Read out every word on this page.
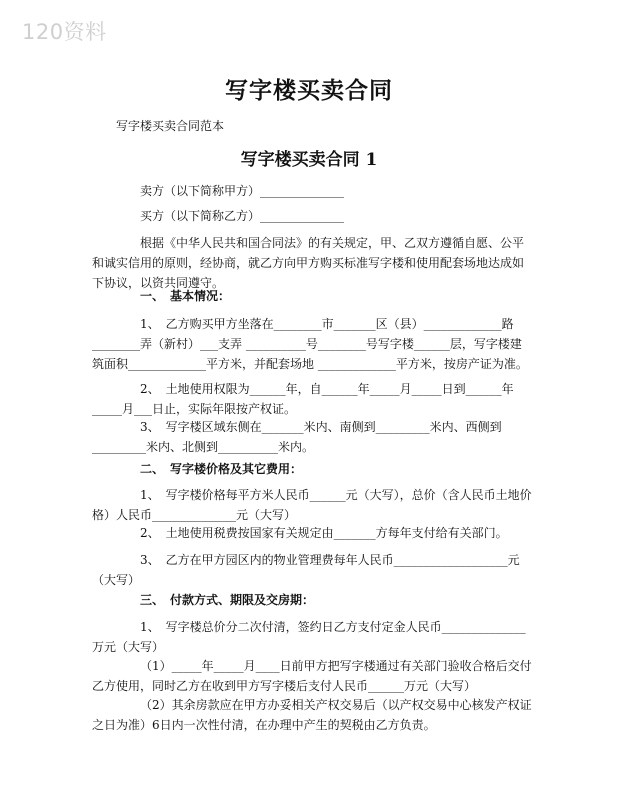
120资料
写字楼买卖合同
写字楼买卖合同范本
写字楼买卖合同 1
卖方（以下简称甲方）______________
买方（以下简称乙方）______________

根据《中华人民共和国合同法》的有关规定，甲、乙双方遵循自愿、公平和诚实信用的原则，经协商，就乙方向甲方购买标准写字楼和使用配套场地达成如下协议，以资共同遵守。

一、　基本情况：

1、　乙方购买甲方坐落在________市_______区（县）_____________路________弄（新村）___支弄 __________号________号写字楼______层，写字楼建筑面积_____________平方米，并配套场地 _____________平方米，按房产证为准。

2、　土地使用权限为______年，自______年_____月_____日到______年_____月___日止，实际年限按产权证。

3、　写字楼区域东侧在_______米内、南侧到_________米内、西侧到_________米内、北侧到__________米内。

二、　写字楼价格及其它费用：

1、　写字楼价格每平方米人民币______元（大写），总价（含人民币土地价格）人民币______________元（大写）

2、　土地使用税费按国家有关规定由_______方每年支付给有关部门。

3、　乙方在甲方园区内的物业管理费每年人民币___________________元（大写）

三、　付款方式、期限及交房期：

1、　写字楼总价分二次付清，签约日乙方支付定金人民币______________万元（大写）

（1）_____年_____月____日前甲方把写字楼通过有关部门验收合格后交付乙方使用，同时乙方在收到甲方写字楼后支付人民币______万元（大写）

（2）其余房款应在甲方办妥相关产权交易后（以产权交易中心核发产权证之日为准）6日内一次性付清，在办理中产生的契税由乙方负责。
